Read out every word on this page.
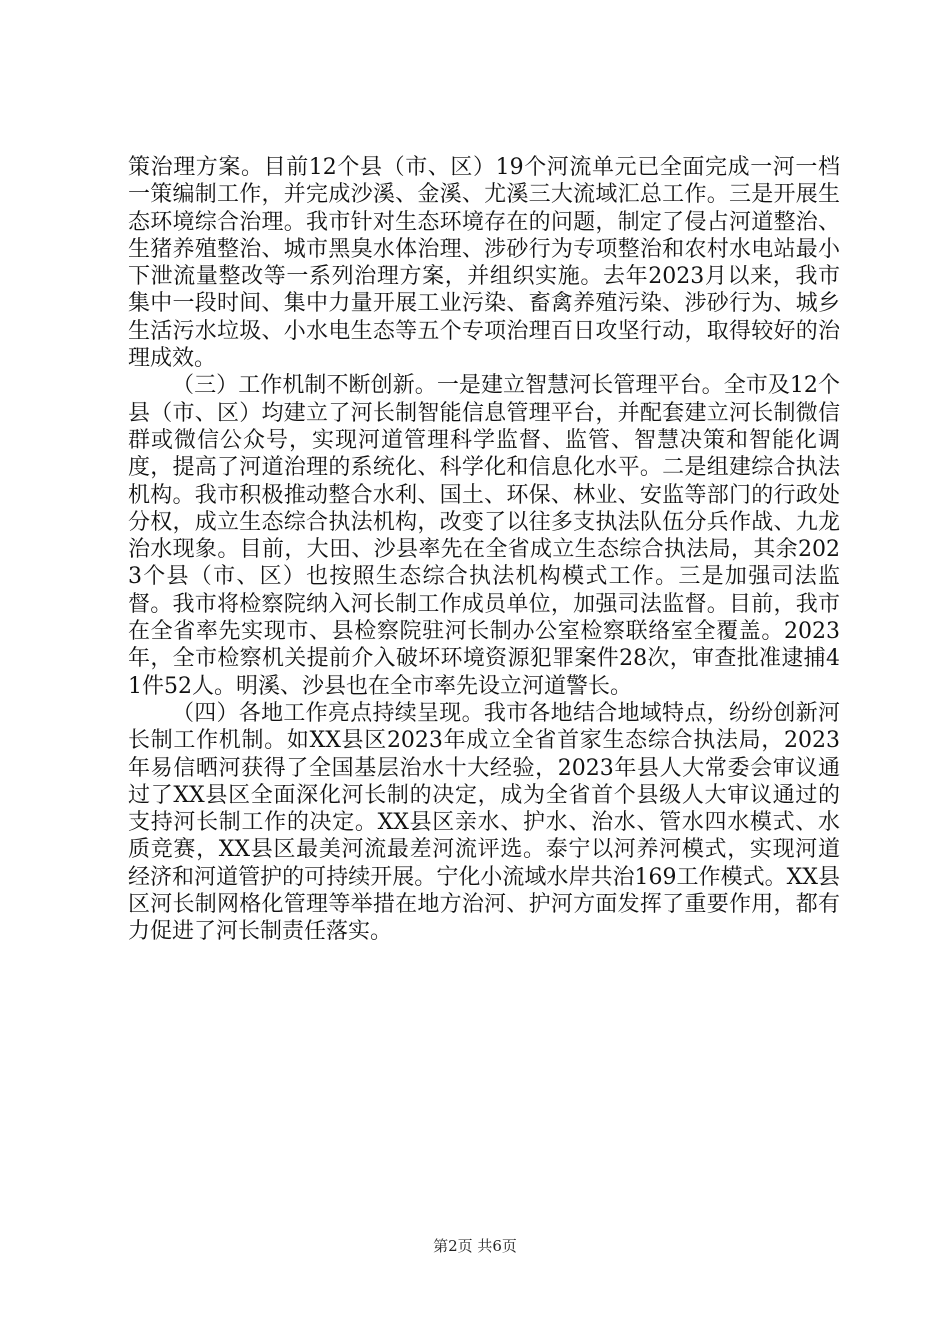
策治理方案。目前12个县（市、区）19个河流单元已全面完成一河一档一策编制工作，并完成沙溪、金溪、尤溪三大流域汇总工作。三是开展生态环境综合治理。我市针对生态环境存在的问题，制定了侵占河道整治、生猪养殖整治、城市黑臭水体治理、涉砂行为专项整治和农村水电站最小下泄流量整改等一系列治理方案，并组织实施。去年2023月以来，我市集中一段时间、集中力量开展工业污染、畜禽养殖污染、涉砂行为、城乡生活污水垃圾、小水电生态等五个专项治理百日攻坚行动，取得较好的治理成效。

（三）工作机制不断创新。一是建立智慧河长管理平台。全市及12个县（市、区）均建立了河长制智能信息管理平台，并配套建立河长制微信群或微信公众号，实现河道管理科学监督、监管、智慧决策和智能化调度，提高了河道治理的系统化、科学化和信息化水平。二是组建综合执法机构。我市积极推动整合水利、国土、环保、林业、安监等部门的行政处分权，成立生态综合执法机构，改变了以往多支执法队伍分兵作战、九龙治水现象。目前，大田、沙县率先在全省成立生态综合执法局，其余2023个县（市、区）也按照生态综合执法机构模式工作。三是加强司法监督。我市将检察院纳入河长制工作成员单位，加强司法监督。目前，我市在全省率先实现市、县检察院驻河长制办公室检察联络室全覆盖。2023年，全市检察机关提前介入破坏环境资源犯罪案件28次，审查批准逮捕41件52人。明溪、沙县也在全市率先设立河道警长。

（四）各地工作亮点持续呈现。我市各地结合地域特点，纷纷创新河长制工作机制。如XX县区2023年成立全省首家生态综合执法局，2023年易信晒河获得了全国基层治水十大经验，2023年县人大常委会审议通过了XX县区全面深化河长制的决定，成为全省首个县级人大审议通过的支持河长制工作的决定。XX县区亲水、护水、治水、管水四水模式、水质竞赛，XX县区最美河流最差河流评选。泰宁以河养河模式，实现河道经济和河道管护的可持续开展。宁化小流域水岸共治169工作模式。XX县区河长制网格化管理等举措在地方治河、护河方面发挥了重要作用，都有力促进了河长制责任落实。

第2页 共6页
